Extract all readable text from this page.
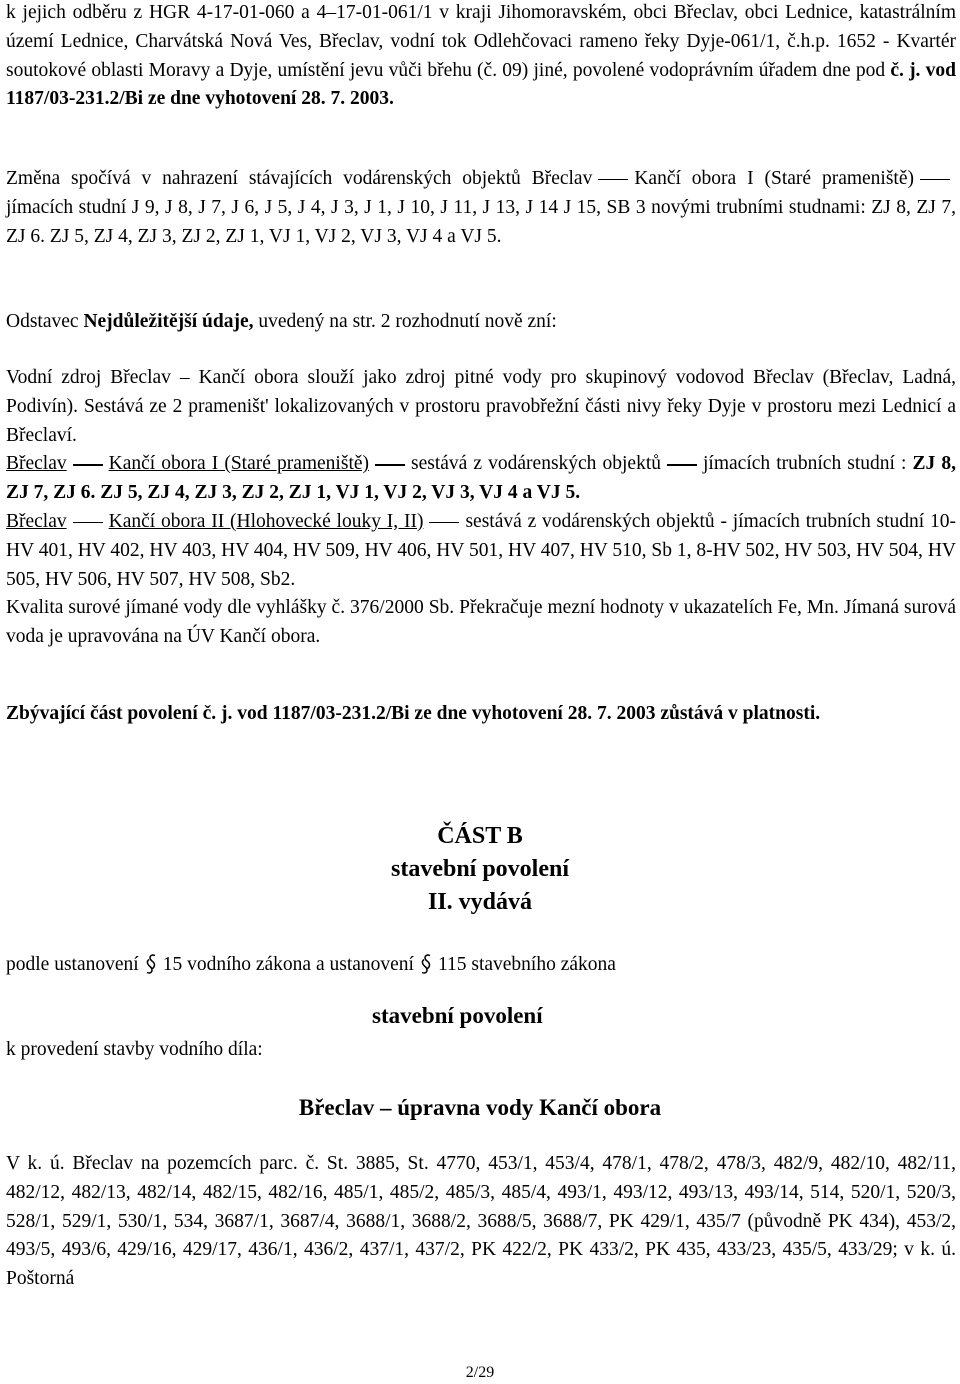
k jejich odběru z HGR 4-17-01-060 a 4–17-01-061/1 v kraji Jihomoravském, obci Břeclav, obci Lednice, katastrálním území Lednice, Charvátská Nová Ves, Břeclav, vodní tok Odlehčovaci rameno řeky Dyje-061/1, č.h.p. 1652 - Kvartér soutokové oblasti Moravy a Dyje, umístění jevu vůči břehu (č. 09) jiné, povolené vodoprávním úřadem dne pod č. j. vod 1187/03-231.2/Bi ze dne vyhotovení 28. 7. 2003.

Změna spočívá v nahrazení stávajících vodárenských objektů Břeclav Kančí obora I (Staré prameniště)jímacích studní J 9, J 8, J 7, J 6, J 5, J 4, J 3, J 1, J 10, J 11, J 13, J 14 J 15, SB 3 novými trubními studnami: ZJ 8, ZJ 7, ZJ 6. ZJ 5, ZJ 4, ZJ 3, ZJ 2, ZJ 1, VJ 1, VJ 2, VJ 3, VJ 4 a VJ 5.

Odstavec Nejdůležitější údaje, uvedený na str. 2 rozhodnutí nově zní:

Vodní zdroj Břeclav – Kančí obora slouží jako zdroj pitné vody pro skupinový vodovod Břeclav (Břeclav, Ladná, Podivín). Sestává ze 2 prameništ' lokalizovaných v prostoru pravobřežní části nivy řeky Dyje v prostoru mezi Lednicí a Břeclaví.

Břeclav Kančí obora I (Staré prameniště) sestává z vodárenských objektů jímacích trubních studní : ZJ 8, ZJ 7, ZJ 6. ZJ 5, ZJ 4, ZJ 3, ZJ 2, ZJ 1, VJ 1, VJ 2, VJ 3, VJ 4 a VJ 5.

Břeclav Kančí obora II (Hlohovecké louky I, II) sestává z vodárenských objektů - jímacích trubních studní 10-HV 401, HV 402, HV 403, HV 404, HV 509, HV 406, HV 501, HV 407, HV 510, Sb 1, 8-HV 502, HV 503, HV 504, HV 505, HV 506, HV 507, HV 508, Sb2.

Kvalita surové jímané vody dle vyhlášky č. 376/2000 Sb. Překračuje mezní hodnoty v ukazatelích Fe, Mn. Jímaná surová voda je upravována na ÚV Kančí obora.

Zbývající část povolení č. j. vod 1187/03-231.2/Bi ze dne vyhotovení 28. 7. 2003 zůstává v platnosti.

ČÁST B
stavební povolení
II. vydává

podle ustanovení 15 vodního zákona a ustanovení 115 stavebního zákona

stavební povolení
k provedení stavby vodního díla:
Břeclav – úpravna vody Kančí obora

V k. ú. Břeclav na pozemcích parc. č. St. 3885, St. 4770, 453/1, 453/4, 478/1, 478/2, 478/3, 482/9, 482/10, 482/11, 482/12, 482/13, 482/14, 482/15, 482/16, 485/1, 485/2, 485/3, 485/4, 493/1, 493/12, 493/13, 493/14, 514, 520/1, 520/3, 528/1, 529/1, 530/1, 534, 3687/1, 3687/4, 3688/1, 3688/2, 3688/5, 3688/7, PK 429/1, 435/7 (původně PK 434), 453/2, 493/5, 493/6, 429/16, 429/17, 436/1, 436/2, 437/1, 437/2, PK 422/2, PK 433/2, PK 435, 433/23, 435/5, 433/29; v k. ú. Poštorná

2/29
